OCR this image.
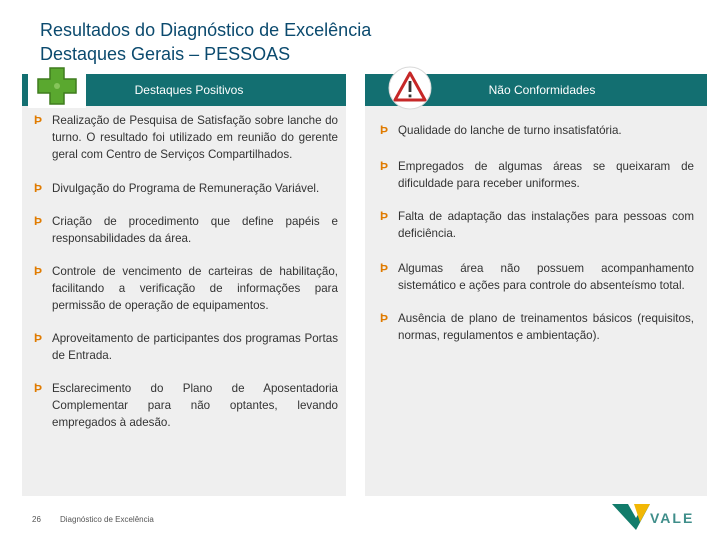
Resultados do Diagnóstico de Excelência
Destaques Gerais – PESSOAS
Destaques Positivos	Não Conformidades
Þ Realização de Pesquisa de Satisfação sobre lanche do turno. O resultado foi utilizado em reunião do gerente geral com Centro de Serviços Compartilhados.
Þ Divulgação do Programa de Remuneração Variável.
Þ Criação de procedimento que define papéis e responsabilidades da área.
Þ Controle de vencimento de carteiras de habilitação, facilitando a verificação de informações para permissão de operação de equipamentos.
Þ Aproveitamento de participantes dos programas Portas de Entrada.
Þ Esclarecimento do Plano de Aposentadoria Complementar para não optantes, levando empregados à adesão.
Þ Qualidade do lanche de turno insatisfatória.
Þ Empregados de algumas áreas se queixaram de dificuldade para receber uniformes.
Þ Falta de adaptação das instalações para pessoas com deficiência.
Þ Algumas área não possuem acompanhamento sistemático e ações para controle do absenteísmo total.
Þ Ausência de plano de treinamentos básicos (requisitos, normas, regulamentos e ambientação).
26 Diagnóstico de Excelência	VALE
